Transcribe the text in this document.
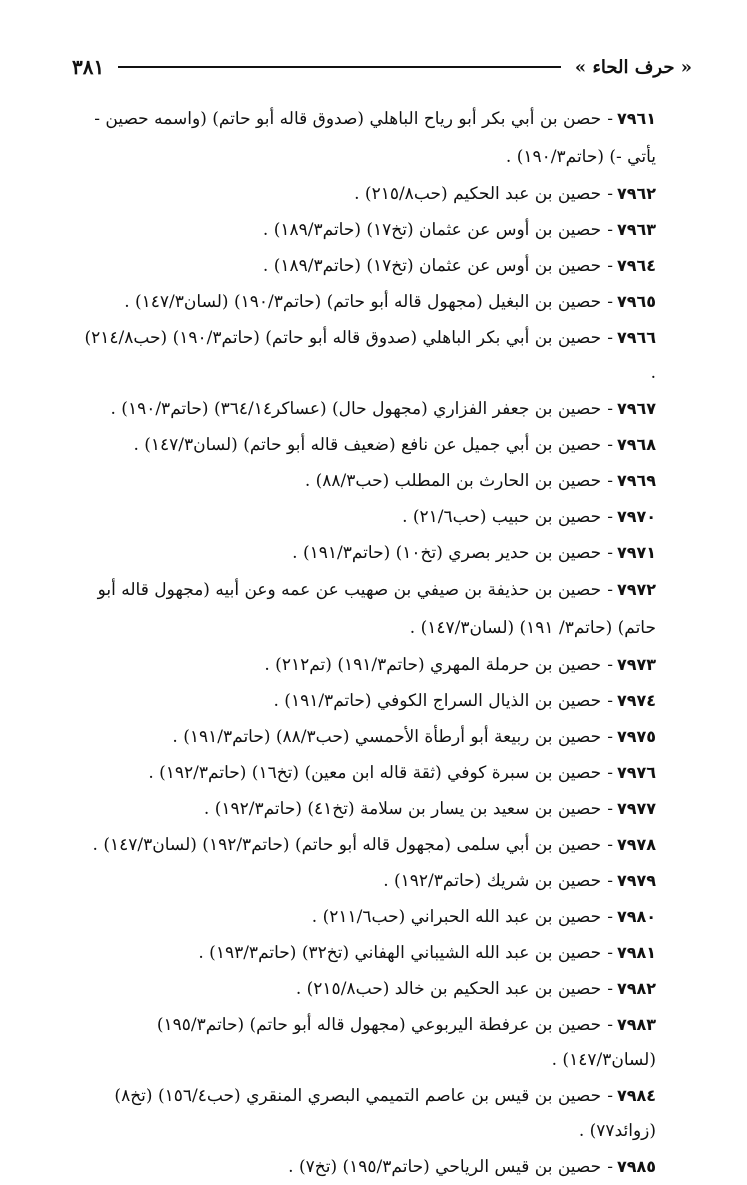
« حرف الحاء »
٣٨١
٧٩٦١-حصن بن أبي بكر أبو رياح الباهلي (صدوق قاله أبو حاتم) (واسمه حصين - يأتي -) (حاتم١٩٠/٣) .
٧٩٦٢-حصين بن عبد الحكيم (حب٢١٥/٨) .
٧٩٦٣-حصين بن أوس عن عثمان (تخ١٧) (حاتم١٨٩/٣) .
٧٩٦٤-حصين بن أوس عن عثمان (تخ١٧) (حاتم١٨٩/٣) .
٧٩٦٥-حصين بن البغيل (مجهول قاله أبو حاتم) (حاتم١٩٠/٣) (لسان١٤٧/٣) .
٧٩٦٦-حصين بن أبي بكر الباهلي (صدوق قاله أبو حاتم) (حاتم١٩٠/٣) (حب٢١٤/٨) .
٧٩٦٧-حصين بن جعفر الفزاري (مجهول حال) (عساكر٣٦٤/١٤) (حاتم١٩٠/٣) .
٧٩٦٨-حصين بن أبي جميل عن نافع (ضعيف قاله أبو حاتم) (لسان١٤٧/٣) .
٧٩٦٩-حصين بن الحارث بن المطلب (حب٨٨/٣) .
٧٩٧٠-حصين بن حبيب (حب٢١/٦) .
٧٩٧١-حصين بن حدير بصري (تخ١٠) (حاتم١٩١/٣) .
٧٩٧٢-حصين بن حذيفة بن صيفي بن صهيب عن عمه وعن أبيه (مجهول قاله أبو حاتم) (حاتم٣/ ١٩١) (لسان١٤٧/٣) .
٧٩٧٣-حصين بن حرملة المهري (حاتم١٩١/٣) (تم٢١٢) .
٧٩٧٤-حصين بن الذيال السراج الكوفي (حاتم١٩١/٣) .
٧٩٧٥-حصين بن ربيعة أبو أرطأة الأحمسي (حب٨٨/٣) (حاتم١٩١/٣) .
٧٩٧٦-حصين بن سبرة كوفي (ثقة قاله ابن معين) (تخ١٦) (حاتم١٩٢/٣) .
٧٩٧٧-حصين بن سعيد بن يسار بن سلامة (تخ٤١) (حاتم١٩٢/٣) .
٧٩٧٨-حصين بن أبي سلمى (مجهول قاله أبو حاتم) (حاتم١٩٢/٣) (لسان١٤٧/٣) .
٧٩٧٩-حصين بن شريك (حاتم١٩٢/٣) .
٧٩٨٠-حصين بن عبد الله الحبراني (حب٢١١/٦) .
٧٩٨١-حصين بن عبد الله الشيباني الهفاني (تخ٣٢) (حاتم١٩٣/٣) .
٧٩٨٢-حصين بن عبد الحكيم بن خالد (حب٢١٥/٨) .
٧٩٨٣-حصين بن عرفطة اليربوعي (مجهول قاله أبو حاتم) (حاتم١٩٥/٣) (لسان١٤٧/٣) .
٧٩٨٤-حصين بن قيس بن عاصم التميمي البصري المنقري (حب١٥٦/٤) (تخ٨) (زوائد٧٧) .
٧٩٨٥-حصين بن قيس الرياحي (حاتم١٩٥/٣) (تخ٧) .
